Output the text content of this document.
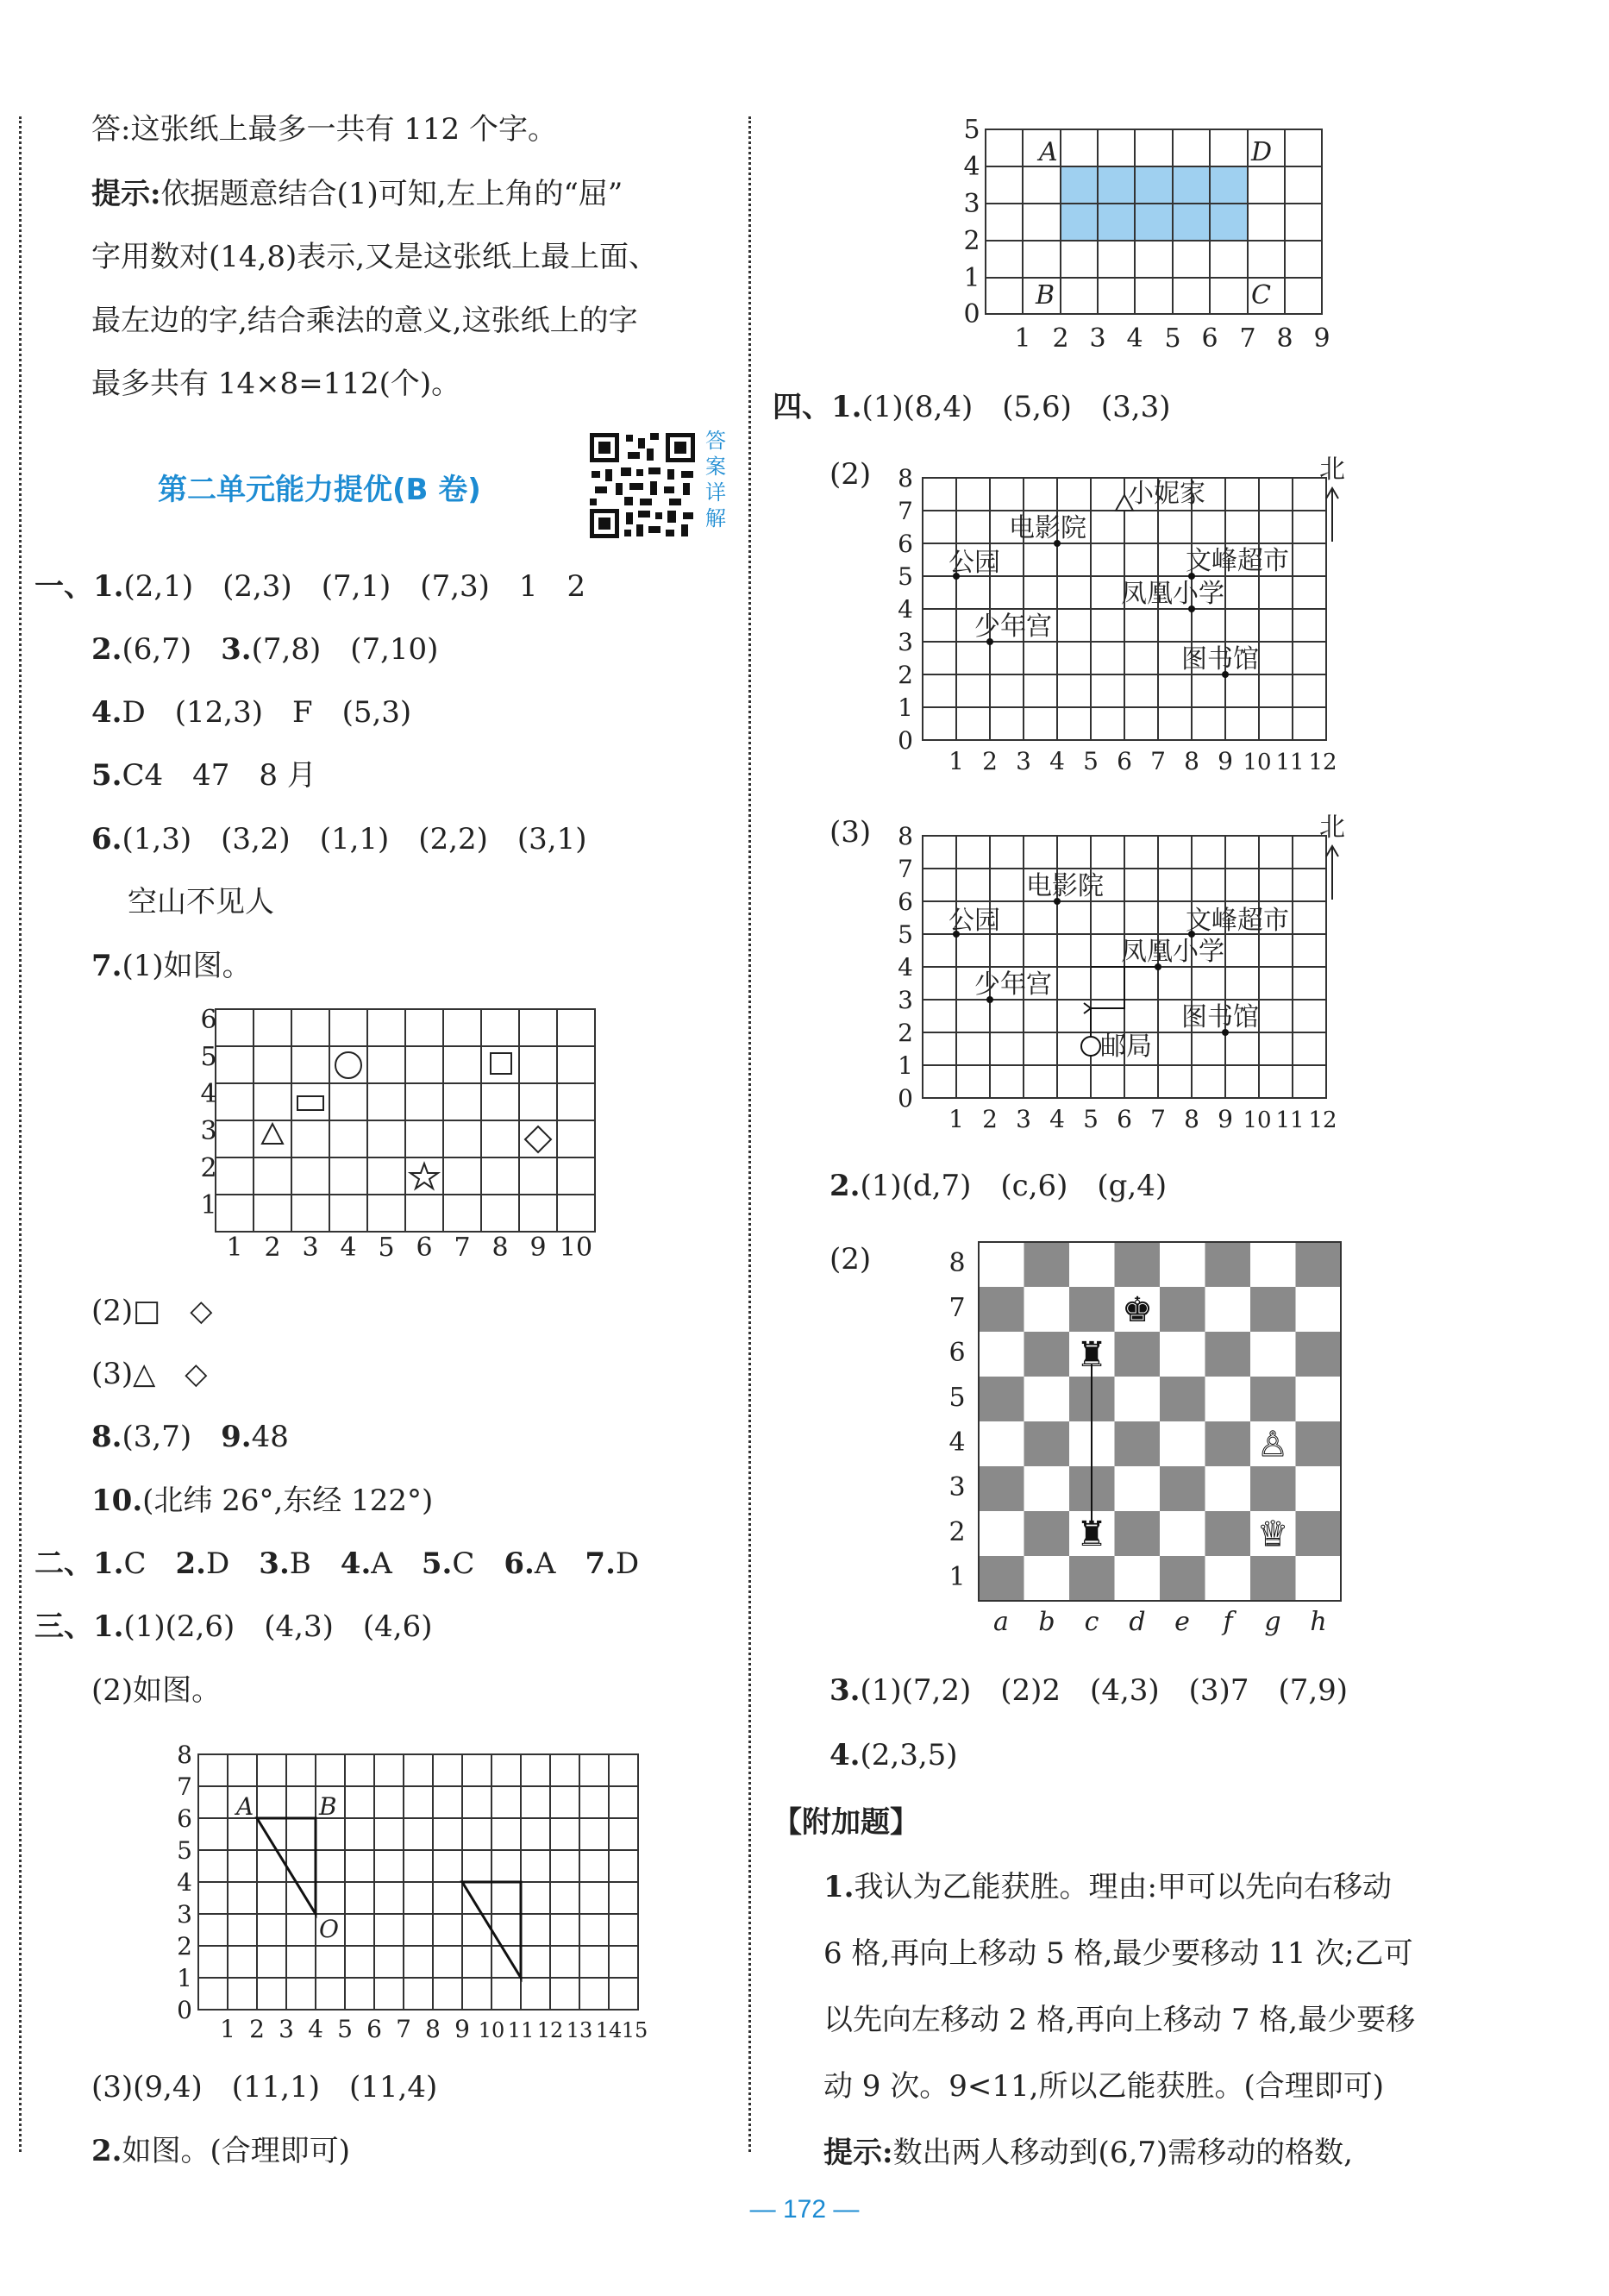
答:这张纸上最多一共有 112 个字。
提示:依据题意结合(1)可知,左上角的“屈”
字用数对(14,8)表示,又是这张纸上最上面、
最左边的字,结合乘法的意义,这张纸上的字
最多共有 14×8=112(个)。
第二单元能力提优(B 卷)
答
案
详
解
一、1.(2,1)　(2,3)　(7,1)　(7,3)　1　2
2.(6,7)　 3.(7,8)　(7,10)
4.D　(12,3)　F　(5,3)
5.C4　47　8 月
6.(1,3)　(3,2)　(1,1)　(2,2)　(3,1)
空山不见人
7.(1)如图。
1
2
3
4
5
6
1 2 3 4 5 6 7 8 9 10
(2)□　◇
(3)△　◇
8.(3,7)　 9.48
10.(北纬 26°,东经 122°)
二、1.C　 2.D　 3.B　 4.A　 5.C　 6.A　 7.D
三、1.(1)(2,6)　(4,3)　(4,6)
(2)如图。
0
1
2
3
4
5
6
7
8
1 2 3 4 5 6 7 8 9 10 11 12 13 14 15
A	B
O
(3)(9,4)　(11,1)　(11,4)
2.如图。(合理即可)
0
1
2
3
4
5
1 2 3 4 5 6 7 8 9
A	D
B	C
四、1.(1)(8,4)　(5,6)　(3,3)
(2)
0
1
2
3
4
5
6
7
8
1 2 3 4 5 6 7 8 9 10 11 12
小妮家
电影院
公园	文峰超市
凤凰小学
少年宫
图书馆
北
(3)
0
1
2
3
4
5
6
7
8
1 2 3 4 5 6 7 8 9 10 11 12
电影院
公园	文峰超市
凤凰小学
少年宫
图书馆
邮局
北
2.(1)(d,7)　(c,6)　(g,4)
(2)	8
7
6
5
4
3
2
1
a b c d e f g h
♚
♜
♜
♙
♛
3.(1)(7,2)　(2)2　(4,3)　(3)7　(7,9)
4.(2,3,5)
【附加题】
1.我认为乙能获胜。理由:甲可以先向右移动
6 格,再向上移动 5 格,最少要移动 11 次;乙可
以先向左移动 2 格,再向上移动 7 格,最少要移
动 9 次。9<11,所以乙能获胜。(合理即可)
提示:数出两人移动到(6,7)需移动的格数,
— 172 —
